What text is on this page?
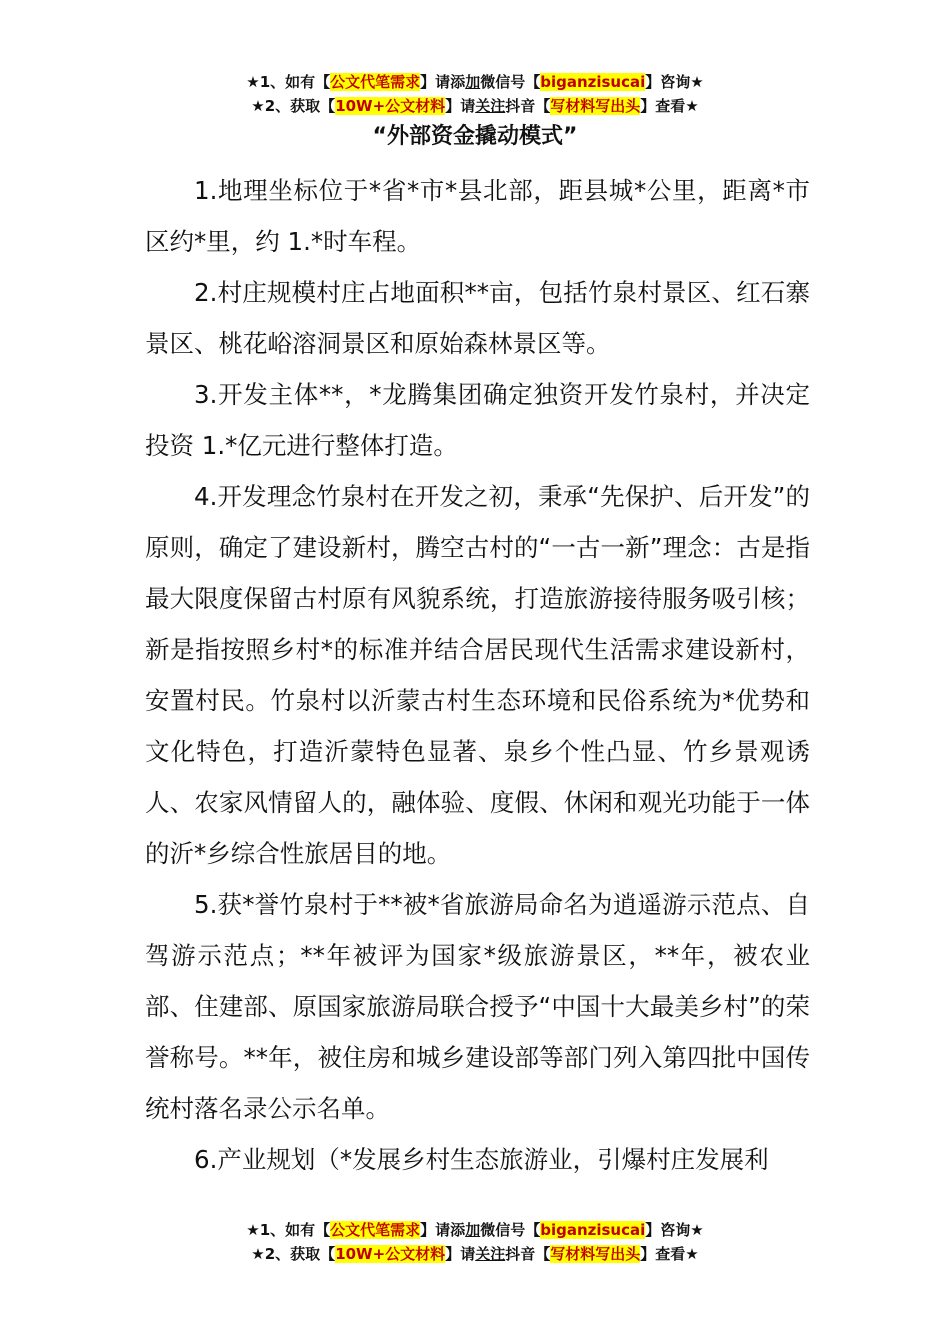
★1、如有【公文代笔需求】请添加微信号【biganzisucai】咨询★
★2、获取【10W+公文材料】请关注抖音【写材料写出头】查看★
“外部资金撬动模式”

1.地理坐标位于*省*市*县北部，距县城*公里，距离*市区约*里，约 1.*时车程。

2.村庄规模村庄占地面积**亩，包括竹泉村景区、红石寨景区、桃花峪溶洞景区和原始森林景区等。

3.开发主体**，*龙腾集团确定独资开发竹泉村，并决定投资 1.*亿元进行整体打造。

4.开发理念竹泉村在开发之初，秉承“先保护、后开发”的原则，确定了建设新村，腾空古村的“一古一新”理念：古是指最大限度保留古村原有风貌系统，打造旅游接待服务吸引核；新是指按照乡村*的标准并结合居民现代生活需求建设新村，安置村民。竹泉村以沂蒙古村生态环境和民俗系统为*优势和文化特色，打造沂蒙特色显著、泉乡个性凸显、竹乡景观诱人、农家风情留人的，融体验、度假、休闲和观光功能于一体的沂*乡综合性旅居目的地。

5.获*誉竹泉村于**被*省旅游局命名为逍遥游示范点、自驾游示范点；**年被评为国家*级旅游景区，**年，被农业部、住建部、原国家旅游局联合授予“中国十大最美乡村”的荣誉称号。**年，被住房和城乡建设部等部门列入第四批中国传统村落名录公示名单。

6.产业规划（*发展乡村生态旅游业，引爆村庄发展利

★1、如有【公文代笔需求】请添加微信号【biganzisucai】咨询★
★2、获取【10W+公文材料】请关注抖音【写材料写出头】查看★
